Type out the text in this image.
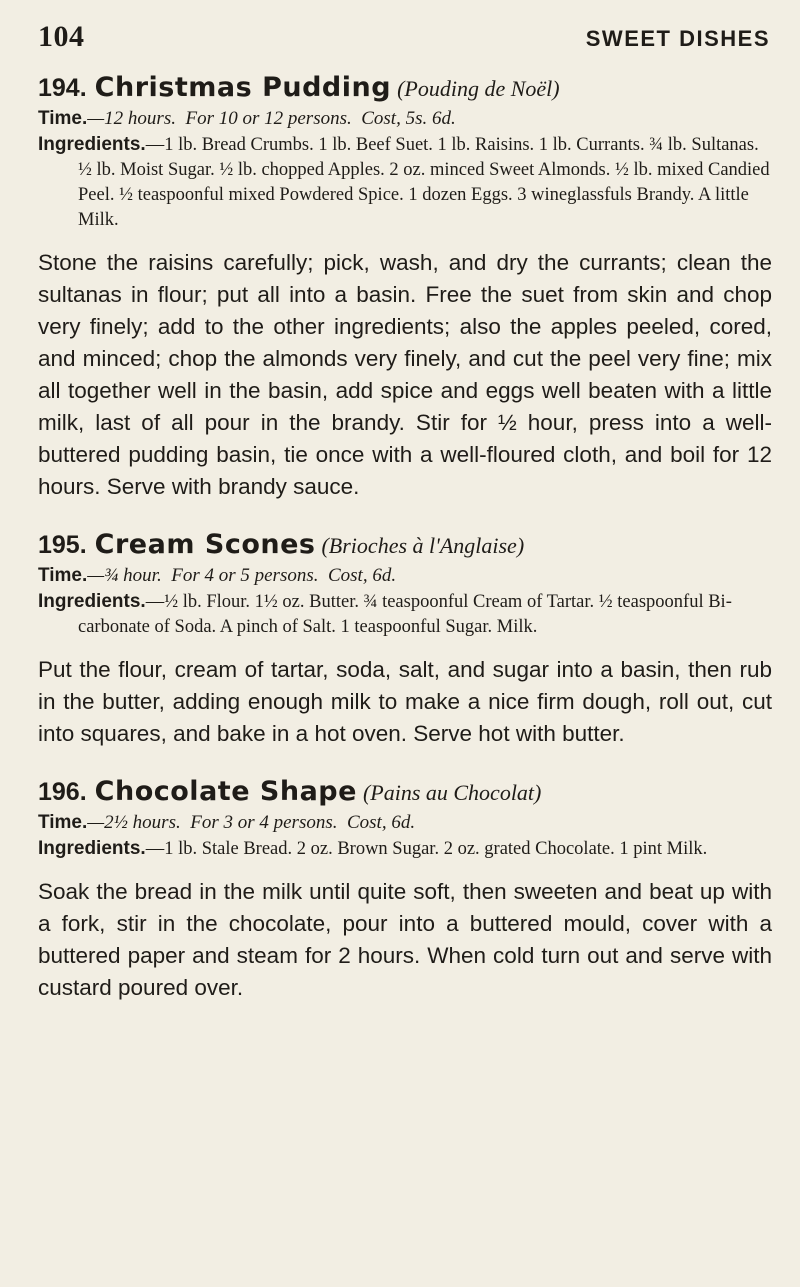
104	SWEET DISHES
194. Christmas Pudding (Pouding de Noël)
Time.—12 hours. For 10 or 12 persons. Cost, 5s. 6d.
Ingredients.—1 lb. Bread Crumbs. 1 lb. Beef Suet. 1 lb. Raisins. 1 lb. Currants. ¾ lb. Sultanas. ½ lb. Moist Sugar. ½ lb. chopped Apples. 2 oz. minced Sweet Almonds. ½ lb. mixed Candied Peel. ½ teaspoonful mixed Powdered Spice. 1 dozen Eggs. 3 wineglassfuls Brandy. A little Milk.

Stone the raisins carefully; pick, wash, and dry the currants; clean the sultanas in flour; put all into a basin. Free the suet from skin and chop very finely; add to the other ingredients; also the apples peeled, cored, and minced; chop the almonds very finely, and cut the peel very fine; mix all together well in the basin, add spice and eggs well beaten with a little milk, last of all pour in the brandy. Stir for ½ hour, press into a well-buttered pudding basin, tie once with a well-floured cloth, and boil for 12 hours. Serve with brandy sauce.

195. Cream Scones (Brioches à l'Anglaise)
Time.—¾ hour. For 4 or 5 persons. Cost, 6d.
Ingredients.—½ lb. Flour. 1½ oz. Butter. ¾ teaspoonful Cream of Tartar. ½ teaspoonful Bi-carbonate of Soda. A pinch of Salt. 1 teaspoonful Sugar. Milk.

Put the flour, cream of tartar, soda, salt, and sugar into a basin, then rub in the butter, adding enough milk to make a nice firm dough, roll out, cut into squares, and bake in a hot oven. Serve hot with butter.

196. Chocolate Shape (Pains au Chocolat)
Time.—2½ hours. For 3 or 4 persons. Cost, 6d.
Ingredients.—1 lb. Stale Bread. 2 oz. Brown Sugar. 2 oz. grated Chocolate. 1 pint Milk.

Soak the bread in the milk until quite soft, then sweeten and beat up with a fork, stir in the chocolate, pour into a buttered mould, cover with a buttered paper and steam for 2 hours. When cold turn out and serve with custard poured over.
